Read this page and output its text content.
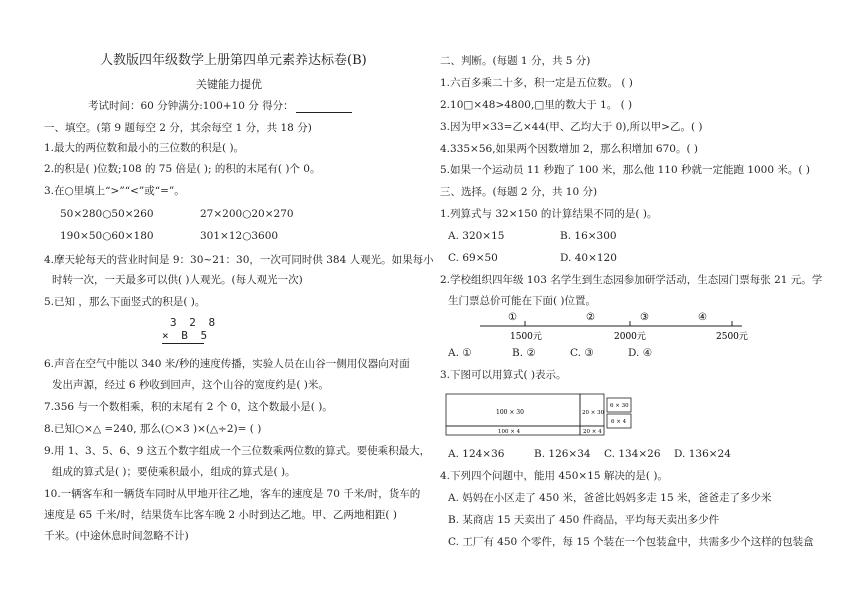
人教版四年级数学上册第四单元素养达标卷(B)
关键能力提优
考试时间：60 分钟满分:100+10 分 得分：
一、填空。(第 9 题每空 2 分，其余每空 1 分，共 18 分)
1.最大的两位数和最小的三位数的积是( )。
2.的积是( )位数;108 的 75 倍是( ); 的积的末尾有( )个 0。
3.在○里填上“>”“<”或“=”。
50×280○50×260	27×200○20×270
190×50○60×180	301×12○3600
4.摩天轮每天的营业时间是 9：30~21：30，一次可同时供 384 人观光。如果每小
时转一次，一天最多可以供( )人观光。(每人观光一次)
5.已知 ，那么下面竖式的积是( )。
3 2 8
× B 5
6.声音在空气中能以 340 米/秒的速度传播，实验人员在山谷一侧用仪器向对面
发出声源，经过 6 秒收到回声，这个山谷的宽度约是( )米。
7.356 与一个数相乘，积的末尾有 2 个 0，这个数最小是( )。
8.已知○×△ =240, 那么(○×3 )×(△÷2)= ( )
9.用 1、3、5、6、9 这五个数字组成一个三位数乘两位数的算式。要使乘积最大，
组成的算式是( )；要使乘积最小，组成的算式是( )。
10.一辆客车和一辆货车同时从甲地开往乙地，客车的速度是 70 千米/时，货车的
速度是 65 千米/时，结果货车比客车晚 2 小时到达乙地。甲、乙两地相距( )
千米。(中途休息时间忽略不计)
二、判断。(每题 1 分，共 5 分)
1.六百多乘二十多，积一定是五位数。 ( )
2.10□×48>4800,□里的数大于 1。 ( )
3.因为甲×33=乙×44(甲、乙均大于 0),所以甲>乙。( )
4.335×56,如果两个因数增加 2，那么积增加 670。( )
5.如果一个运动员 11 秒跑了 100 米，那么他 110 秒就一定能跑 1000 米。( )
三、选择。(每题 2 分，共 10 分)
1.列算式与 32×150 的计算结果不同的是( )。
A. 320×15	B. 16×300
C. 69×50	D. 40×120
2.学校组织四年级 103 名学生到生态园参加研学活动，生态园门票每张 21 元。学
生门票总价可能在下面( )位置。
①	②	③	④
1500元	2000元	2500元
A. ①	B. ②	C. ③	D. ④
3.下图可以用算式( )表示。
100 × 30	20 × 30
6 × 30
6 × 4
100 × 4	20 × 4
A. 124×36	B. 126×34 C. 134×26 D. 136×24
4.下列四个问题中，能用 450×15 解决的是( )。
A. 妈妈在小区走了 450 米，爸爸比妈妈多走 15 米，爸爸走了多少米
B. 某商店 15 天卖出了 450 件商品，平均每天卖出多少件
C. 工厂有 450 个零件，每 15 个装在一个包装盒中，共需多少个这样的包装盒
